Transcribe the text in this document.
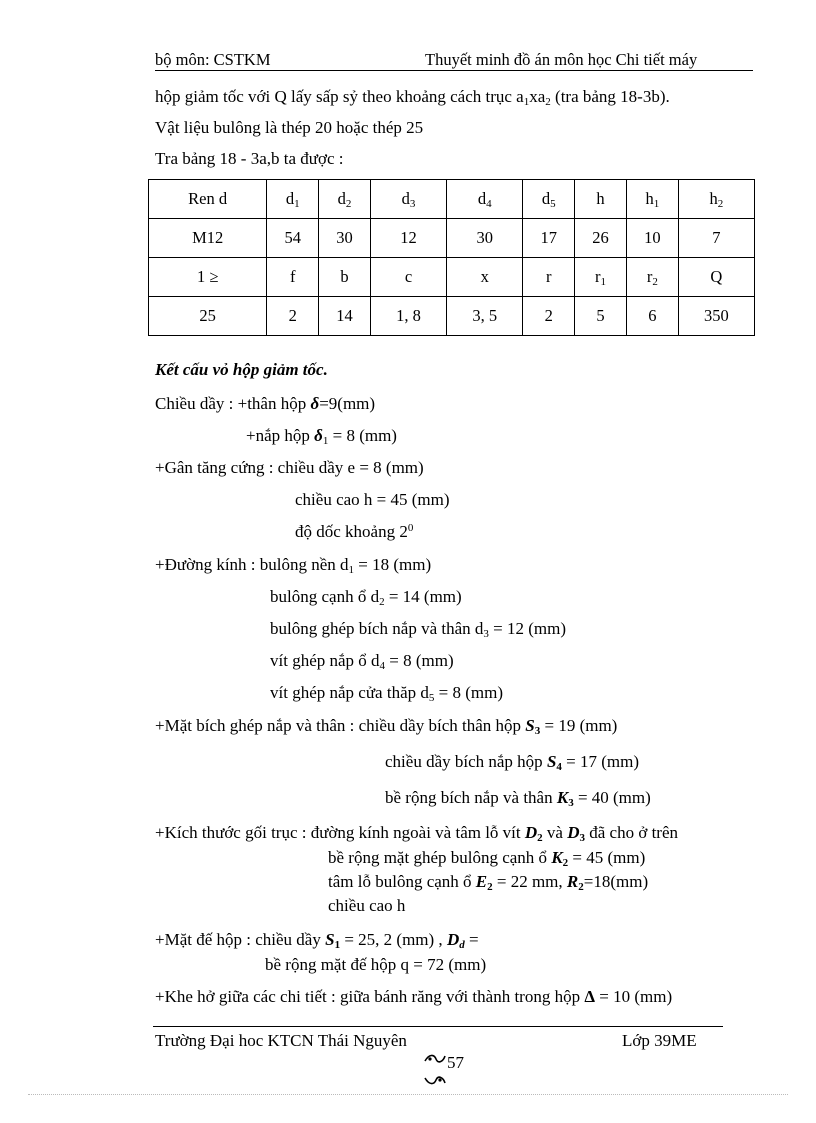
bộ môn: CSTKM	Thuyết minh đồ án môn học Chi tiết máy
hộp giảm tốc với Q lấy sấp sỷ theo khoảng cách trục $a_1xa_2$ (tra bảng 18-3b).
Vật liệu bulông là thép 20 hoặc thép 25
Tra bảng 18 - 3a,b ta được :
Ren d	$d_1$	$d_2$	$d_3$	$d_4$	$d_5$	h	$h_1$	$h_2$
M12	54	30	12	30	17	26	10	7
1 ≥	f	b	c	x	r	$r_1$	$r_2$	Q
25	2	14	1, 8	3, 5	2	5	6	350
Kết cấu vỏ hộp giảm tốc.
Chiều dầy : +thân hộp δ=9(mm)
+nắp hộp $\delta_1 = 8$ (mm)
+Gân tăng cứng : chiều dầy e = 8 (mm)
chiều cao h = 45 (mm)
độ dốc khoảng $2^0$
+Đường kính : bulông nền $d_1 = 18$ (mm)
bulông cạnh ổ $d_2 = 14$ (mm)
bulông ghép bích nắp và thân $d_3 = 12$ (mm)
vít ghép nắp ổ $d_4 = 8$ (mm)
vít ghép nắp cửa thăp $d_5 = 8$ (mm)
+Mặt bích ghép nắp và thân : chiều dầy bích thân hộp $S_3 = 19$ (mm)
chiều dầy bích nắp hộp $S_4 = 17$ (mm)
bề rộng bích nắp và thân $K_3 = 40$ (mm)
+Kích thước gối trục : đường kính ngoài và tâm lỗ vít $D_2$ và $D_3$ đã cho ở trên
bề rộng mặt ghép bulông cạnh ổ $K_2 = 45$ (mm)
tâm lỗ bulông cạnh ổ $E_2 = 22$ mm, $R_2=18(mm)$
chiều cao h
+Mặt đế hộp : chiều dầy $S_1 = 25$, 2 (mm) , $D_d$ =
bề rộng mặt đế hộp q = 72 (mm)
+Khe hở giữa các chi tiết : giữa bánh răng với thành trong hộp Δ = 10 (mm)
Trường Đại hoc KTCN Thái Nguyên	Lớp 39ME
57
